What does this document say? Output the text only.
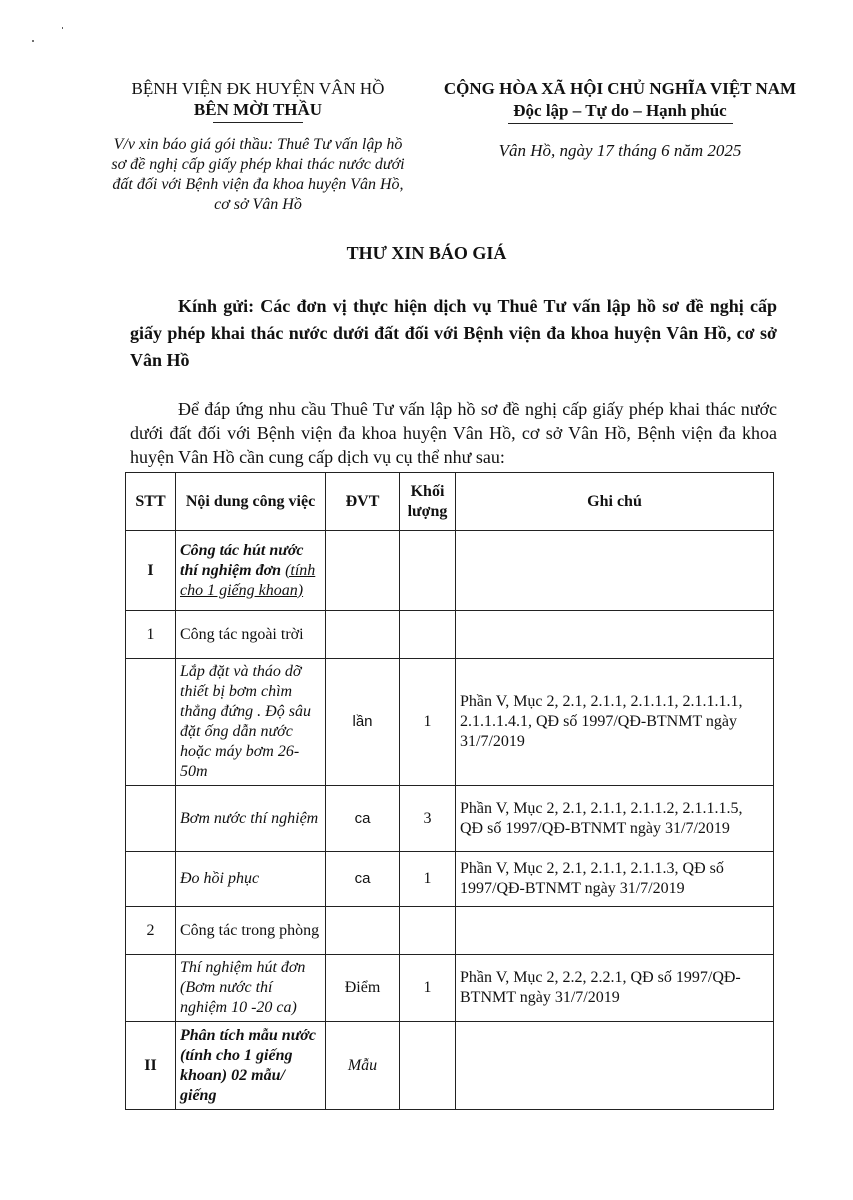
BỆNH VIỆN ĐK HUYỆN VÂN HỒ
BÊN MỜI THẦU
V/v xin báo giá gói thầu: Thuê Tư vấn lập hồ sơ đề nghị cấp giấy phép khai thác nước dưới đất đối với Bệnh viện đa khoa huyện Vân Hồ, cơ sở Vân Hồ
CỘNG HÒA XÃ HỘI CHỦ NGHĨA VIỆT NAM
Độc lập – Tự do – Hạnh phúc
Vân Hồ, ngày 17 tháng 6 năm 2025
THƯ XIN BÁO GIÁ
Kính gửi: Các đơn vị thực hiện dịch vụ Thuê Tư vấn lập hồ sơ đề nghị cấp giấy phép khai thác nước dưới đất đối với Bệnh viện đa khoa huyện Vân Hồ, cơ sở Vân Hồ
Để đáp ứng nhu cầu Thuê Tư vấn lập hồ sơ đề nghị cấp giấy phép khai thác nước dưới đất đối với Bệnh viện đa khoa huyện Vân Hồ, cơ sở Vân Hồ, Bệnh viện đa khoa huyện Vân Hồ cần cung cấp dịch vụ cụ thể như sau:
STT	Nội dung công việc	ĐVT	Khối lượng	Ghi chú
I	Công tác hút nước thí nghiệm đơn (tính cho 1 giếng khoan)			
1	Công tác ngoài trời			
	Lắp đặt và tháo dỡ thiết bị bơm chìm thẳng đứng . Độ sâu đặt ống dẫn nước hoặc máy bơm 26-50m	lần	1	Phần V, Mục 2, 2.1, 2.1.1, 2.1.1.1, 2.1.1.1.1, 2.1.1.1.4.1, QĐ số 1997/QĐ-BTNMT ngày 31/7/2019
	Bơm nước thí nghiệm	ca	3	Phần V, Mục 2, 2.1, 2.1.1, 2.1.1.2, 2.1.1.1.5, QĐ số 1997/QĐ-BTNMT ngày 31/7/2019
	Đo hồi phục	ca	1	Phần V, Mục 2, 2.1, 2.1.1, 2.1.1.3, QĐ số 1997/QĐ-BTNMT ngày 31/7/2019
2	Công tác trong phòng			
	Thí nghiệm hút đơn (Bơm nước thí nghiệm 10 -20 ca)	Điểm	1	Phần V, Mục 2, 2.2, 2.2.1, QĐ số 1997/QĐ-BTNMT ngày 31/7/2019
II	Phân tích mẫu nước (tính cho 1 giếng khoan) 02 mẫu/ giếng	Mẫu		
